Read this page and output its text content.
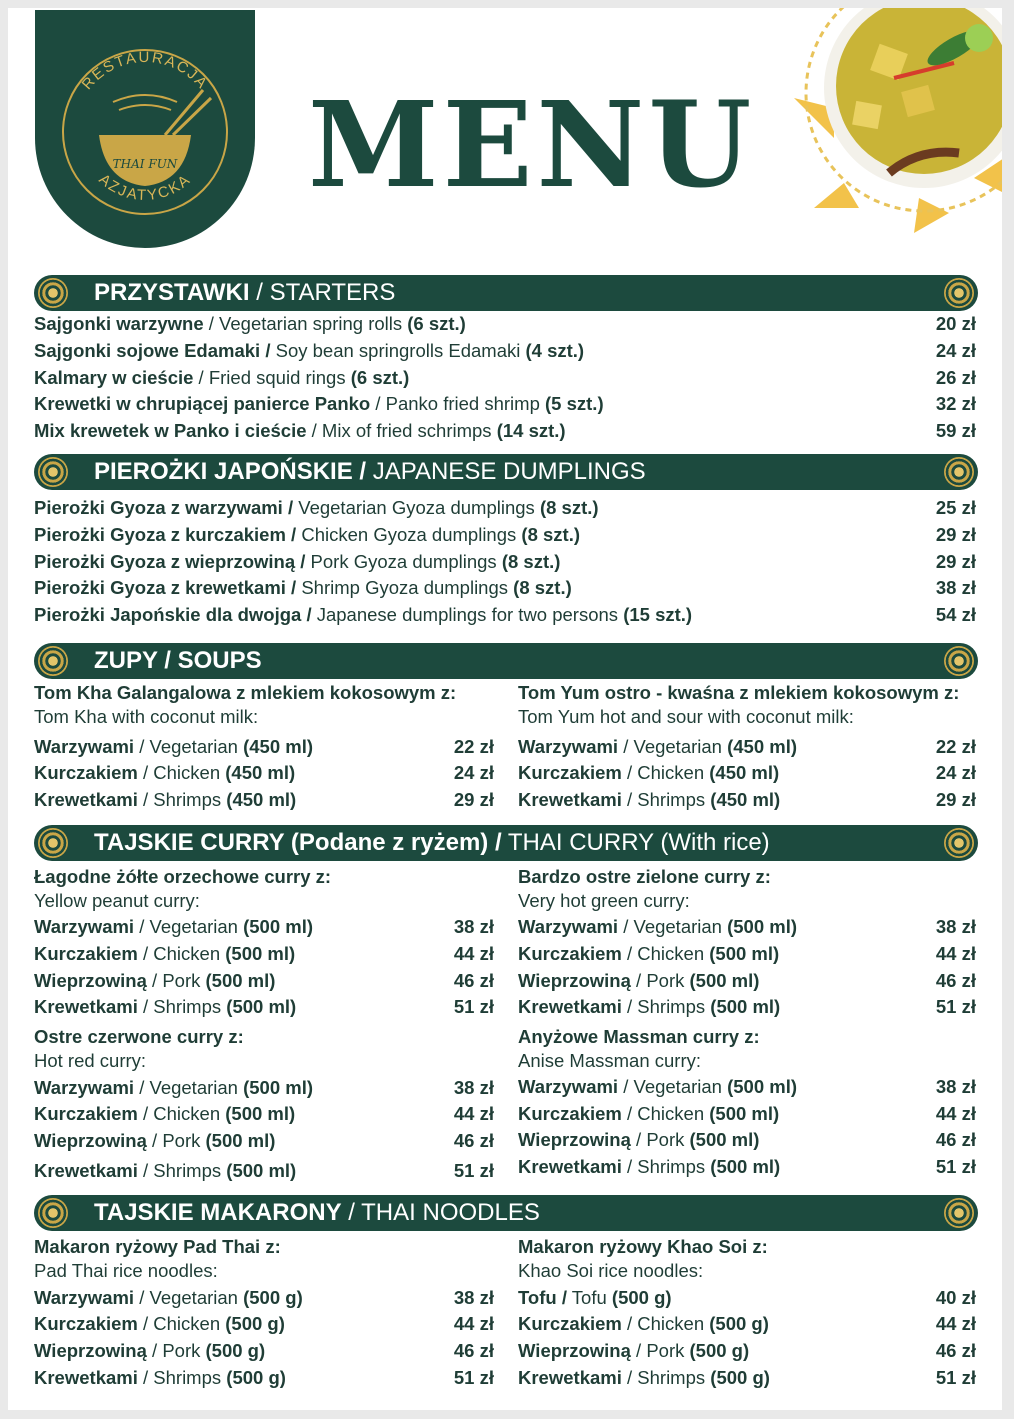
RESTAURACJA
AZJATYCKA
THAI FUN MENU
PRZYSTAWKI / STARTERS
PIEROŻKI JAPOŃSKIE / JAPANESE DUMPLINGS
ZUPY / SOUPS
TAJSKIE CURRY (Podane z ryżem) / THAI CURRY (With rice)
TAJSKIE MAKARONY / THAI NOODLES
Sajgonki warzywne / Vegetarian spring rolls (6 szt.)	20 zł
Sajgonki sojowe Edamaki / Soy bean springrolls Edamaki (4 szt.)	24 zł
Kalmary w cieście / Fried squid rings (6 szt.)	26 zł
Krewetki w chrupiącej panierce Panko / Panko fried shrimp (5 szt.)	32 zł
Mix krewetek w Panko i cieście / Mix of fried schrimps (14 szt.)	59 zł
Pierożki Gyoza z warzywami / Vegetarian Gyoza dumplings (8 szt.)	25 zł
Pierożki Gyoza z kurczakiem / Chicken Gyoza dumplings (8 szt.)	29 zł
Pierożki Gyoza z wieprzowiną / Pork Gyoza dumplings (8 szt.)	29 zł
Pierożki Gyoza z krewetkami / Shrimp Gyoza dumplings (8 szt.)	38 zł
Pierożki Japońskie dla dwojga / Japanese dumplings for two persons (15 szt.)	54 zł
Tom Kha Galangalowa z mlekiem kokosowym z:
Tom Kha with coconut milk:
Tom Yum ostro - kwaśna z mlekiem kokosowym z:
Tom Yum hot and sour with coconut milk:
Warzywami / Vegetarian (450 ml)	22 zł
Kurczakiem / Chicken (450 ml)	24 zł
Krewetkami / Shrimps (450 ml)	29 zł
Warzywami / Vegetarian (450 ml)	22 zł
Kurczakiem / Chicken (450 ml)	24 zł
Krewetkami / Shrimps (450 ml)	29 zł
Łagodne żółte orzechowe curry z:
Yellow peanut curry:
Warzywami / Vegetarian (500 ml)	38 zł
Kurczakiem / Chicken (500 ml)	44 zł
Wieprzowiną / Pork (500 ml)	46 zł
Krewetkami / Shrimps (500 ml)	51 zł
Bardzo ostre zielone curry z:
Very hot green curry:
Warzywami / Vegetarian (500 ml)	38 zł
Kurczakiem / Chicken (500 ml)	44 zł
Wieprzowiną / Pork (500 ml)	46 zł
Krewetkami / Shrimps (500 ml)	51 zł
Ostre czerwone curry z:
Hot red curry:
Warzywami / Vegetarian (500 ml)	38 zł
Kurczakiem / Chicken (500 ml)	44 zł
Wieprzowiną / Pork (500 ml)	46 zł
Krewetkami / Shrimps (500 ml)	51 zł
Anyżowe Massman curry z:
Anise Massman curry:
Warzywami / Vegetarian (500 ml)	38 zł
Kurczakiem / Chicken (500 ml)	44 zł
Wieprzowiną / Pork (500 ml)	46 zł
Krewetkami / Shrimps (500 ml)	51 zł
Makaron ryżowy Pad Thai z:
Pad Thai rice noodles:
Makaron ryżowy Khao Soi z:
Khao Soi rice noodles:
Warzywami / Vegetarian (500 g)	38 zł
Kurczakiem / Chicken (500 g)	44 zł
Wieprzowiną / Pork (500 g)	46 zł
Krewetkami / Shrimps (500 g)	51 zł
Tofu / Tofu (500 g)	40 zł
Kurczakiem / Chicken (500 g)	44 zł
Wieprzowiną / Pork (500 g)	46 zł
Krewetkami / Shrimps (500 g)	51 zł
